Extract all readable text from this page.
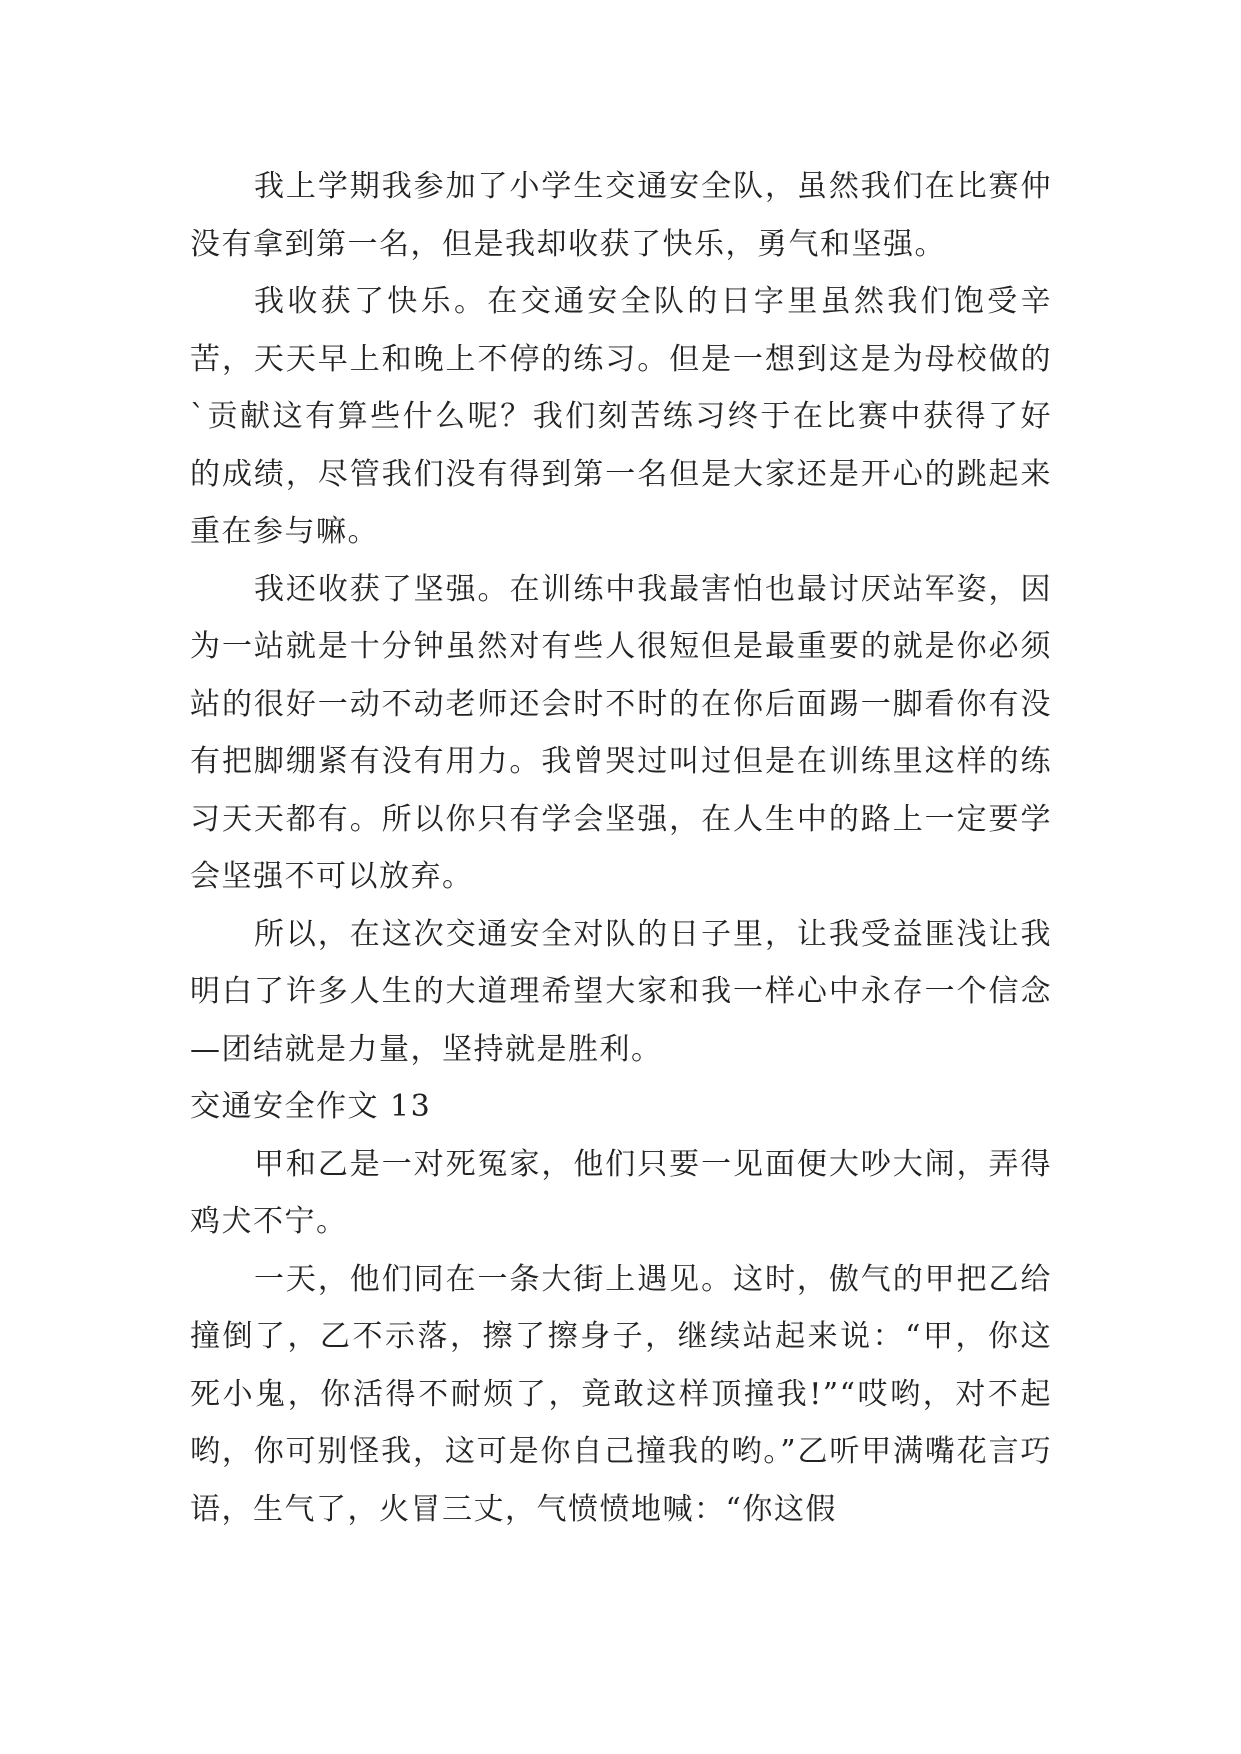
我上学期我参加了小学生交通安全队，虽然我们在比赛仲没有拿到第一名，但是我却收获了快乐，勇气和坚强。

我收获了快乐。在交通安全队的日字里虽然我们饱受辛苦，天天早上和晚上不停的练习。但是一想到这是为母校做的`贡献这有算些什么呢？我们刻苦练习终于在比赛中获得了好的成绩，尽管我们没有得到第一名但是大家还是开心的跳起来重在参与嘛。

我还收获了坚强。在训练中我最害怕也最讨厌站军姿，因为一站就是十分钟虽然对有些人很短但是最重要的就是你必须站的很好一动不动老师还会时不时的在你后面踢一脚看你有没有把脚绷紧有没有用力。我曾哭过叫过但是在训练里这样的练习天天都有。所以你只有学会坚强，在人生中的路上一定要学会坚强不可以放弃。

所以，在这次交通安全对队的日子里，让我受益匪浅让我明白了许多人生的大道理希望大家和我一样心中永存一个信念—团结就是力量，坚持就是胜利。

交通安全作文 13

甲和乙是一对死冤家，他们只要一见面便大吵大闹，弄得鸡犬不宁。

一天，他们同在一条大街上遇见。这时，傲气的甲把乙给撞倒了，乙不示落，擦了擦身子，继续站起来说：“甲，你这死小鬼，你活得不耐烦了，竟敢这样顶撞我!”“哎哟，对不起哟，你可别怪我，这可是你自己撞我的哟。”乙听甲满嘴花言巧语，生气了，火冒三丈，气愤愤地喊：“你这假
